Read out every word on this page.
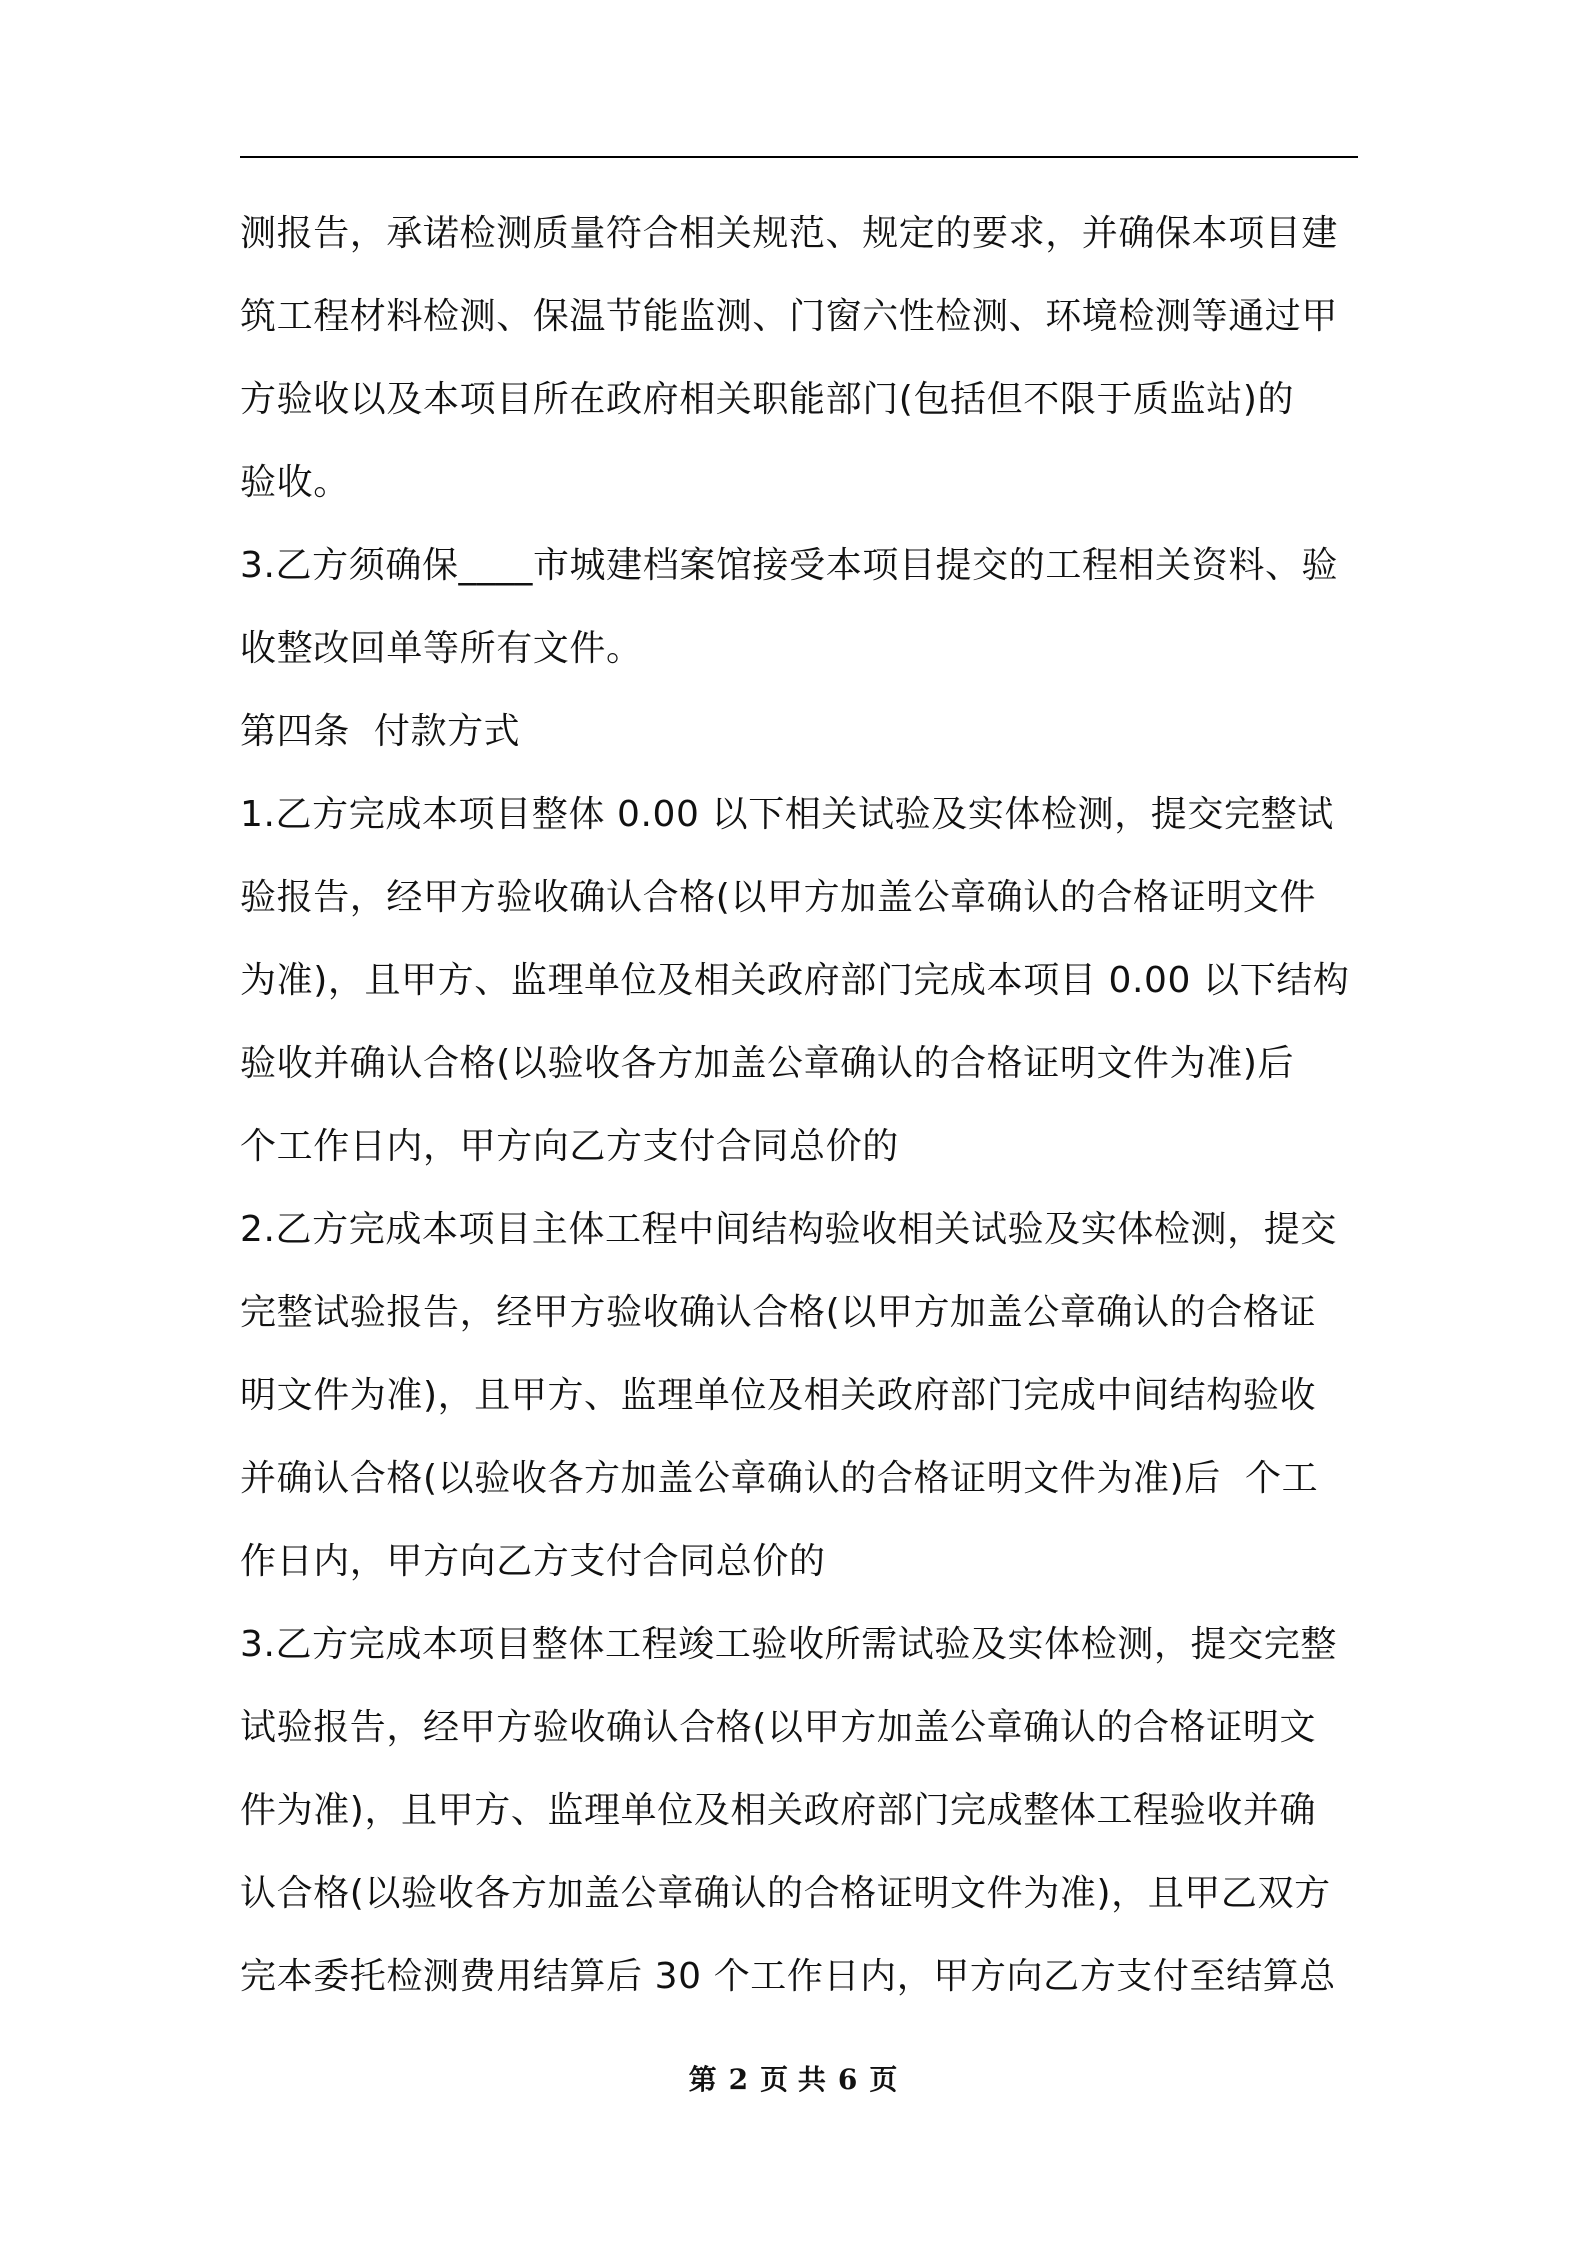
测报告，承诺检测质量符合相关规范、规定的要求，并确保本项目建
筑工程材料检测、保温节能监测、门窗六性检测、环境检测等通过甲
方验收以及本项目所在政府相关职能部门(包括但不限于质监站)的
验收。
3.乙方须确保____市城建档案馆接受本项目提交的工程相关资料、验
收整改回单等所有文件。
第四条  付款方式
1.乙方完成本项目整体 0.00 以下相关试验及实体检测，提交完整试
验报告，经甲方验收确认合格(以甲方加盖公章确认的合格证明文件
为准)，且甲方、监理单位及相关政府部门完成本项目 0.00 以下结构
验收并确认合格(以验收各方加盖公章确认的合格证明文件为准)后
个工作日内，甲方向乙方支付合同总价的
2.乙方完成本项目主体工程中间结构验收相关试验及实体检测，提交
完整试验报告，经甲方验收确认合格(以甲方加盖公章确认的合格证
明文件为准)，且甲方、监理单位及相关政府部门完成中间结构验收
并确认合格(以验收各方加盖公章确认的合格证明文件为准)后  个工
作日内，甲方向乙方支付合同总价的
3.乙方完成本项目整体工程竣工验收所需试验及实体检测，提交完整
试验报告，经甲方验收确认合格(以甲方加盖公章确认的合格证明文
件为准)，且甲方、监理单位及相关政府部门完成整体工程验收并确
认合格(以验收各方加盖公章确认的合格证明文件为准)，且甲乙双方
完本委托检测费用结算后 30 个工作日内，甲方向乙方支付至结算总
第 2 页 共 6 页
